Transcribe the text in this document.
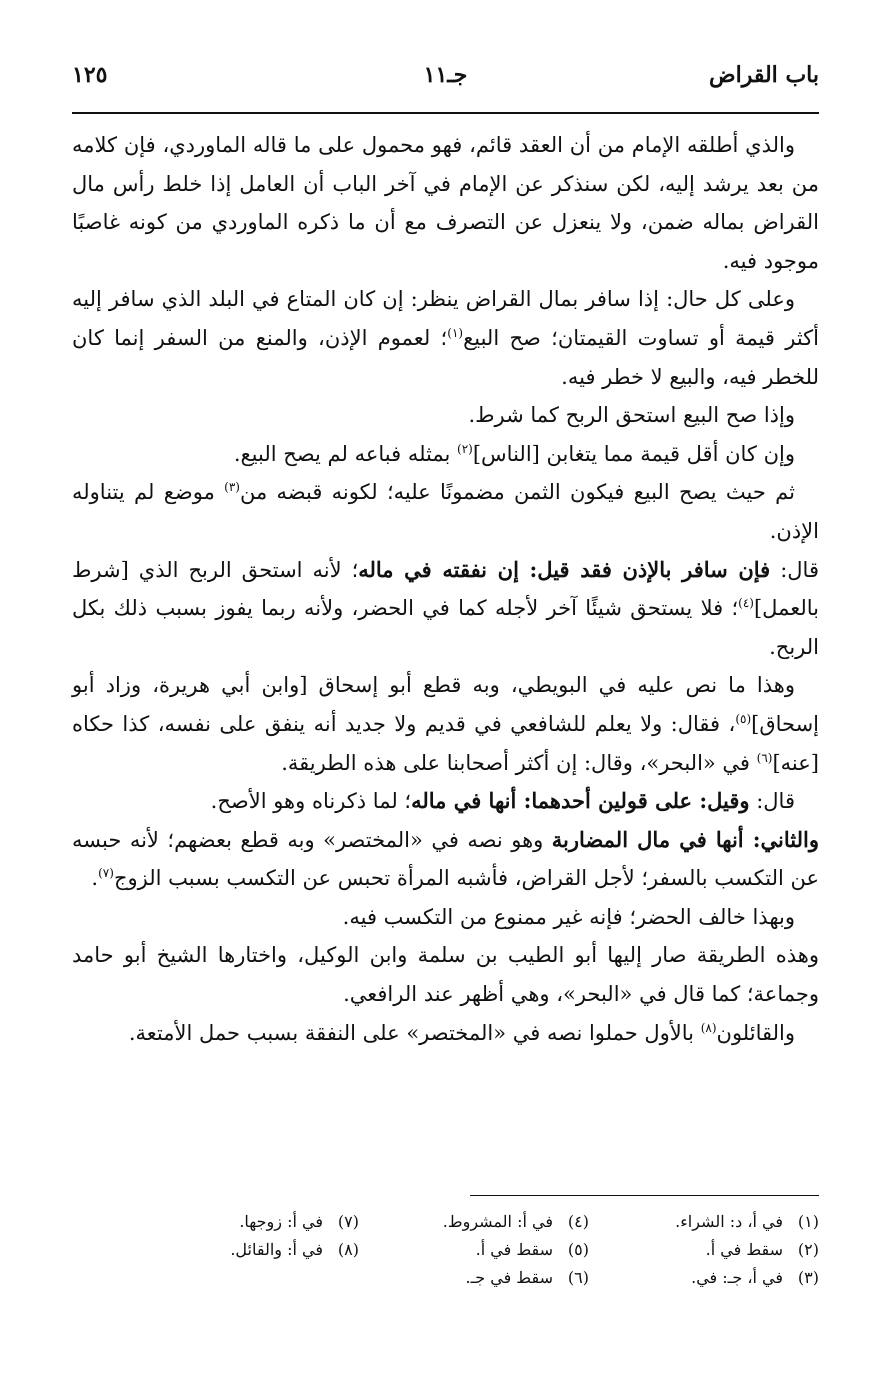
باب القراض
جـ١١
١٢٥

والذي أطلقه الإمام من أن العقد قائم، فهو محمول على ما قاله الماوردي، فإن كلامه من بعد يرشد إليه، لكن سنذكر عن الإمام في آخر الباب أن العامل إذا خلط رأس مال القراض بماله ضمن، ولا ينعزل عن التصرف مع أن ما ذكره الماوردي من كونه غاصبًا موجود فيه.

وعلى كل حال: إذا سافر بمال القراض ينظر: إن كان المتاع في البلد الذي سافر إليه أكثر قيمة أو تساوت القيمتان؛ صح البيع$^{(١)}$؛ لعموم الإذن، والمنع من السفر إنما كان للخطر فيه، والبيع لا خطر فيه.

وإذا صح البيع استحق الربح كما شرط.

وإن كان أقل قيمة مما يتغابن [الناس]$^{(٢)}$ بمثله فباعه لم يصح البيع.

ثم حيث يصح البيع فيكون الثمن مضمونًا عليه؛ لكونه قبضه من$^{(٣)}$ موضع لم يتناوله الإذن.

قال: فإن سافر بالإذن فقد قيل: إن نفقته في ماله؛ لأنه استحق الربح الذي [شرط بالعمل]$^{(٤)}$؛ فلا يستحق شيئًا آخر لأجله كما في الحضر، ولأنه ربما يفوز بسبب ذلك بكل الربح.

وهذا ما نص عليه في البويطي، وبه قطع أبو إسحاق [وابن أبي هريرة، وزاد أبو إسحاق]$^{(٥)}$، فقال: ولا يعلم للشافعي في قديم ولا جديد أنه ينفق على نفسه، كذا حكاه [عنه]$^{(٦)}$ في «البحر»، وقال: إن أكثر أصحابنا على هذه الطريقة.

قال: وقيل: على قولين أحدهما: أنها في ماله؛ لما ذكرناه وهو الأصح.

والثاني: أنها في مال المضاربة وهو نصه في «المختصر» وبه قطع بعضهم؛ لأنه حبسه عن التكسب بالسفر؛ لأجل القراض، فأشبه المرأة تحبس عن التكسب بسبب الزوج$^{(٧)}$.

وبهذا خالف الحضر؛ فإنه غير ممنوع من التكسب فيه.

وهذه الطريقة صار إليها أبو الطيب بن سلمة وابن الوكيل، واختارها الشيخ أبو حامد وجماعة؛ كما قال في «البحر»، وهي أظهر عند الرافعي.

والقائلون$^{(٨)}$ بالأول حملوا نصه في «المختصر» على النفقة بسبب حمل الأمتعة.

(١)في أ، د: الشراء.
(٢)سقط في أ.
(٣)في أ، جـ: في.
(٤)في أ: المشروط.
(٥)سقط في أ.
(٦)سقط في جـ.
(٧)في أ: زوجها.
(٨)في أ: والقائل.
